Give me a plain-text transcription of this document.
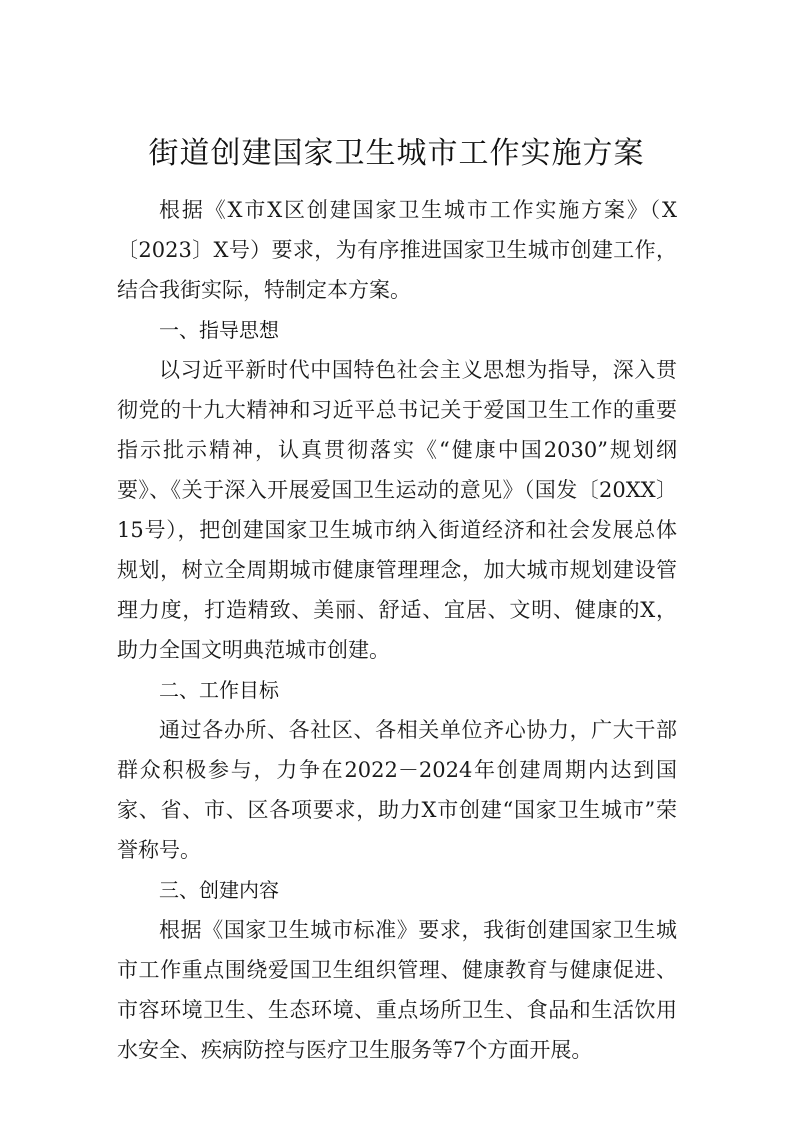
街道创建国家卫生城市工作实施方案

根据《X市X区创建国家卫生城市工作实施方案》（X〔2023〕X号）要求，为有序推进国家卫生城市创建工作，结合我街实际，特制定本方案。

一、指导思想

以习近平新时代中国特色社会主义思想为指导，深入贯彻党的十九大精神和习近平总书记关于爱国卫生工作的重要指示批示精神，认真贯彻落实《“健康中国2030”规划纲要》、《关于深入开展爱国卫生运动的意见》（国发〔20XX〕15号），把创建国家卫生城市纳入街道经济和社会发展总体规划，树立全周期城市健康管理理念，加大城市规划建设管理力度，打造精致、美丽、舒适、宜居、文明、健康的X，助力全国文明典范城市创建。

二、工作目标

通过各办所、各社区、各相关单位齐心协力，广大干部群众积极参与，力争在2022－2024年创建周期内达到国家、省、市、区各项要求，助力X市创建“国家卫生城市”荣誉称号。

三、创建内容

根据《国家卫生城市标准》要求，我街创建国家卫生城市工作重点围绕爱国卫生组织管理、健康教育与健康促进、市容环境卫生、生态环境、重点场所卫生、食品和生活饮用水安全、疾病防控与医疗卫生服务等7个方面开展。
